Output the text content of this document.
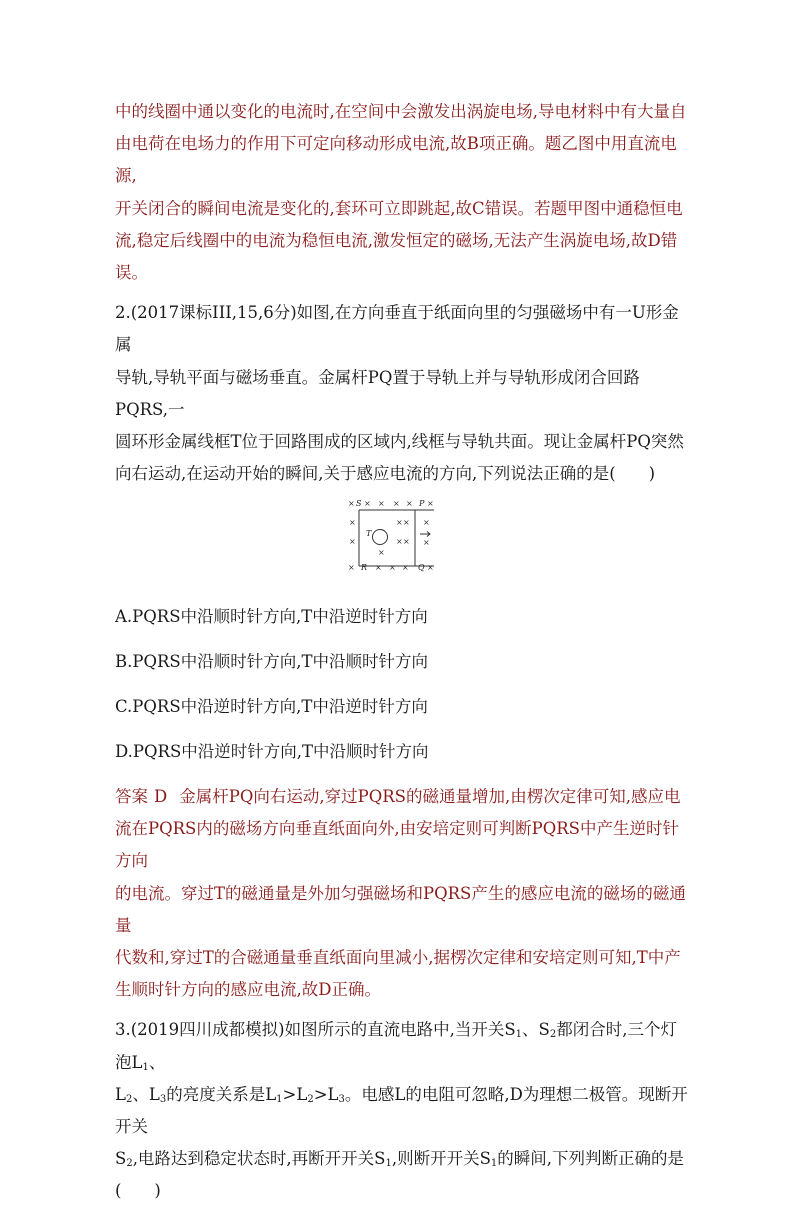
中的线圈中通以变化的电流时,在空间中会激发出涡旋电场,导电材料中有大量自

由电荷在电场力的作用下可定向移动形成电流,故B项正确。题乙图中用直流电源,

开关闭合的瞬间电流是变化的,套环可立即跳起,故C错误。若题甲图中通稳恒电

流,稳定后线圈中的电流为稳恒电流,激发恒定的磁场,无法产生涡旋电场,故D错

误。

2.(2017课标III,15,6分)如图,在方向垂直于纸面向里的匀强磁场中有一U形金属

导轨,导轨平面与磁场垂直。金属杆PQ置于导轨上并与导轨形成闭合回路PQRS,一

圆环形金属线框T位于回路围成的区域内,线框与导轨共面。现让金属杆PQ突然

向右运动,在运动开始的瞬间,关于感应电流的方向,下列说法正确的是(　　)

× × × × × ×
×	× × ×
×	× × ×
×
×	× × × ×
S	P
T
R	Q

A.PQRS中沿顺时针方向,T中沿逆时针方向

B.PQRS中沿顺时针方向,T中沿顺时针方向

C.PQRS中沿逆时针方向,T中沿逆时针方向

D.PQRS中沿逆时针方向,T中沿顺时针方向

答案 D 金属杆PQ向右运动,穿过PQRS的磁通量增加,由楞次定律可知,感应电

流在PQRS内的磁场方向垂直纸面向外,由安培定则可判断PQRS中产生逆时针方向

的电流。穿过T的磁通量是外加匀强磁场和PQRS产生的感应电流的磁场的磁通量

代数和,穿过T的合磁通量垂直纸面向里减小,据楞次定律和安培定则可知,T中产

生顺时针方向的感应电流,故D正确。

3.(2019四川成都模拟)如图所示的直流电路中,当开关$S_1$、$S_2$都闭合时,三个灯泡$L_1$、

$L_2$、$L_3$的亮度关系是$L_1>L_2>L_3$。电感L的电阻可忽略,D为理想二极管。现断开开关

$S_2$,电路达到稳定状态时,再断开开关$S_1$,则断开开关$S_1$的瞬间,下列判断正确的是

(　　)
